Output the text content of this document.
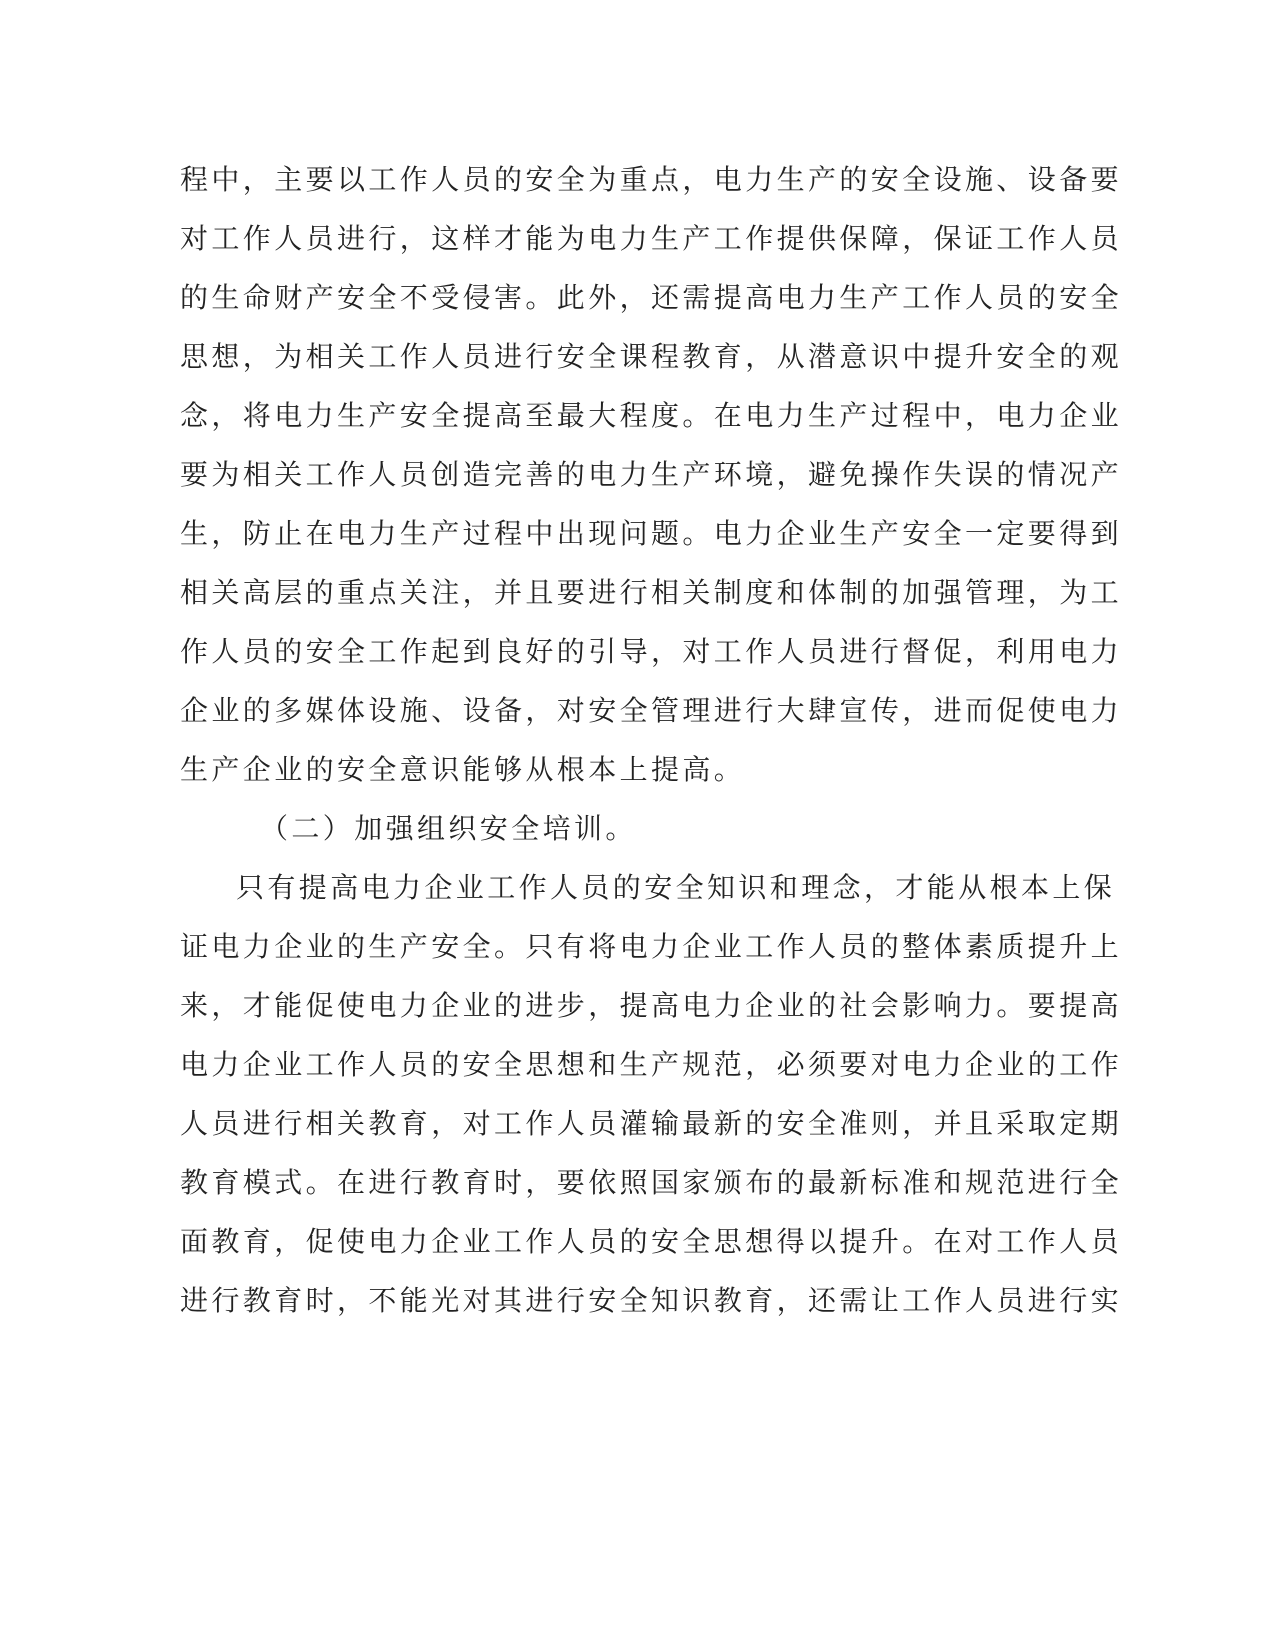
程中，主要以工作人员的安全为重点，电力生产的安全设施、设备要
对工作人员进行，这样才能为电力生产工作提供保障，保证工作人员
的生命财产安全不受侵害。此外，还需提高电力生产工作人员的安全
思想，为相关工作人员进行安全课程教育，从潜意识中提升安全的观
念，将电力生产安全提高至最大程度。在电力生产过程中，电力企业
要为相关工作人员创造完善的电力生产环境，避免操作失误的情况产
生，防止在电力生产过程中出现问题。电力企业生产安全一定要得到
相关高层的重点关注，并且要进行相关制度和体制的加强管理，为工
作人员的安全工作起到良好的引导，对工作人员进行督促，利用电力
企业的多媒体设施、设备，对安全管理进行大肆宣传，进而促使电力
生产企业的安全意识能够从根本上提高。
（二）加强组织安全培训。
只有提高电力企业工作人员的安全知识和理念，才能从根本上保
证电力企业的生产安全。只有将电力企业工作人员的整体素质提升上
来，才能促使电力企业的进步，提高电力企业的社会影响力。要提高
电力企业工作人员的安全思想和生产规范，必须要对电力企业的工作
人员进行相关教育，对工作人员灌输最新的安全准则，并且采取定期
教育模式。在进行教育时，要依照国家颁布的最新标准和规范进行全
面教育，促使电力企业工作人员的安全思想得以提升。在对工作人员
进行教育时，不能光对其进行安全知识教育，还需让工作人员进行实
